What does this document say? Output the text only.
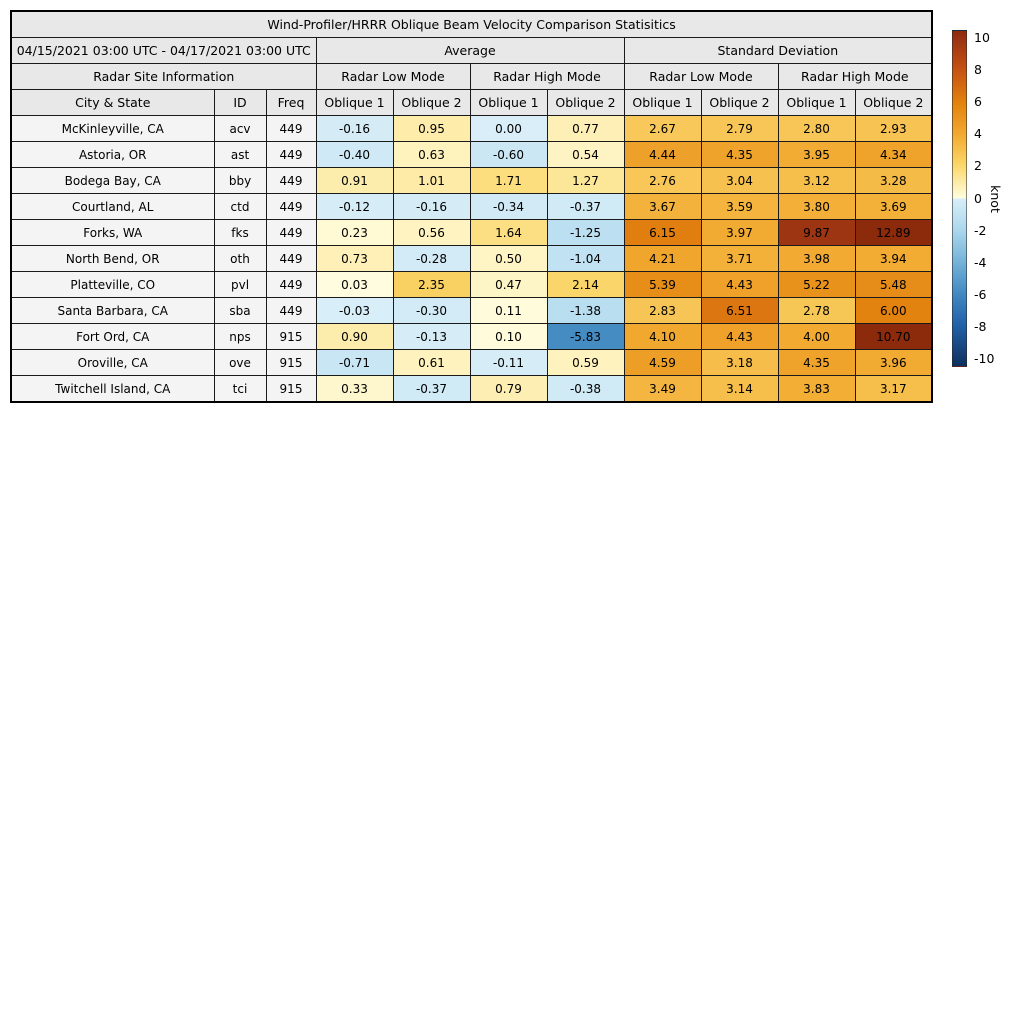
Wind-Profiler/HRRR Oblique Beam Velocity Comparison Statisitics										
04/15/2021 03:00 UTC - 04/17/2021 03:00 UTC			Average				Standard Deviation			
Radar Site Information			Radar Low Mode		Radar High Mode		Radar Low Mode		Radar High Mode	
City & State	ID	Freq	Oblique 1	Oblique 2	Oblique 1	Oblique 2	Oblique 1	Oblique 2	Oblique 1	Oblique 2
McKinleyville, CA	acv	449	-0.16	0.95	0.00	0.77	2.67	2.79	2.80	2.93
Astoria, OR	ast	449	-0.40	0.63	-0.60	0.54	4.44	4.35	3.95	4.34
Bodega Bay, CA	bby	449	0.91	1.01	1.71	1.27	2.76	3.04	3.12	3.28
Courtland, AL	ctd	449	-0.12	-0.16	-0.34	-0.37	3.67	3.59	3.80	3.69
Forks, WA	fks	449	0.23	0.56	1.64	-1.25	6.15	3.97	9.87	12.89
North Bend, OR	oth	449	0.73	-0.28	0.50	-1.04	4.21	3.71	3.98	3.94
Platteville, CO	pvl	449	0.03	2.35	0.47	2.14	5.39	4.43	5.22	5.48
Santa Barbara, CA	sba	449	-0.03	-0.30	0.11	-1.38	2.83	6.51	2.78	6.00
Fort Ord, CA	nps	915	0.90	-0.13	0.10	-5.83	4.10	4.43	4.00	10.70
Oroville, CA	ove	915	-0.71	0.61	-0.11	0.59	4.59	3.18	4.35	3.96
Twitchell Island, CA	tci	915	0.33	-0.37	0.79	-0.38	3.49	3.14	3.83	3.17
10
8
6
4
2
0
-2
-4
-6
-8
-10
knot
